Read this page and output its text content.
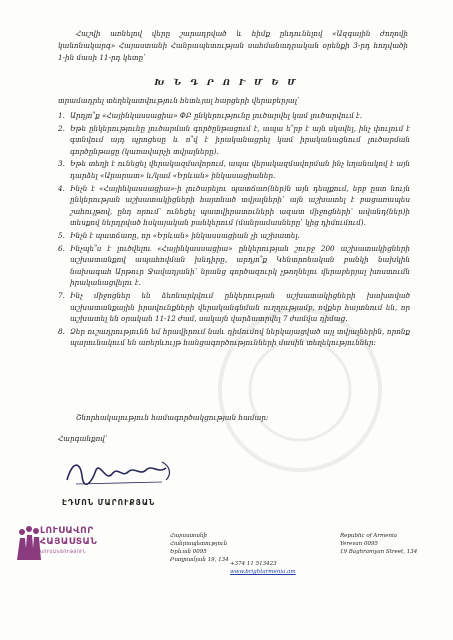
Հաշվի առնելով վերը շարադրված և հիմք ընդունելով «Ազգային ժողովի կանոնակարգ» Հայաստանի Հանրապետության սահմանադրական օրենքի 3-րդ հոդվածի 1-ին մասի 11-րդ կետը՝
Խ Ն Դ Ր Ո Ւ Մ Ե Մ
տրամադրել տեղեկատվություն հետևյալ հարցերի վերաբերյալ՝
1. Արդյո՞ք «Հայինկասսացիա» ՓԲ ընկերությունը լուծարվել կամ լուծարվում է.
2. Եթե ընկերությունը լուծարման գործընթացում է, ապա ե՞րբ է այն սկսվել, ինչ փուլում է գտնվում այդ պրոցեսը և ո՞վ է իրականացրել կամ իրականացնում լուծարման գործընթացը (կառավարչի տվյալները).
3. Եթե տեղի է ունեցել վերակազմավորում, ապա վերակազմավորման ինչ եղանակով է այն դարձել «Արարատ» և/կամ «Երևան» ինկասացիաներ.
4. Ինչն է «Հայինկասսացիա»-ի լուծարելու պատճառ(ներ)ն այն դեպքում, երբ ըստ նույն ընկերության աշխատակիցների հայտնած տվյալների՝ այն աշխատել է բացառապես շահույթով, ընդ որում՝ ունեցել պատվիրատուների ազատ միջոցների՝ ավանդ(ներ)ի տեսքով ներդրված հսկայական բանկերում (մանրամասները՝ կից դիմումում).
5. Ինչն է պատճառը, որ «Երևան» ինկասսացիան չի աշխատել.
6. Ինչպե՞ս է լուծվելու «Հայինկասսացիա» ընկերության շուրջ 200 աշխատակիցների աշխատանքով ապահովման խնդիրը, արդյո՞ք Կենտրոնական բանկի նախկին նախագահ Արթուր Ջավադյանի՝ նրանց գործազուրկ չթողնելու վերաբերյալ խոստումն իրականացվելու է.
7. Ինչ միջոցներ են ձեռնարկվում ընկերության աշխատակիցների խախտված աշխատանքային իրավունքների վերականգնման ուղղությամբ, ովքեր հայտնում են, որ աշխատել են օրական 11-12 ժամ, սակայն վարձատրվել 7 ժամվա դիմաց.
8. Ձեր ուշադրությունն եմ հրավիրում նաև դիմումով ներկայացված այլ տվյալներին, որոնք պարունակում են առերևույթ հանցագործությունների մասին տեղեկություններ:
Շնորհակալություն համագործակցության համար:
Հարգանքով՝
ԷԴՄՈՆ ՄԱՐՈՒՔՅԱՆ
ԼՈՒՍԱՎՈՐ
ՀԱՅԱՍՏԱՆ
ԿՈՒՍԱԿՑՈՒԹՅՈՒՆ
Հայաստանի Հանրապետություն
Երևան 0095
Բաղրամյան 19, 134
Republic of Armenia
Yerevan 0095
19 Baghramyan Street, 134
+374 11 513423
www.brightarmenia.am
